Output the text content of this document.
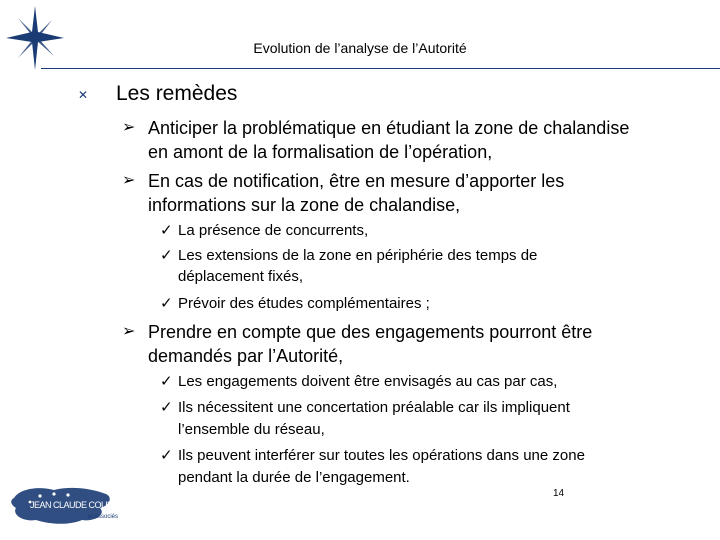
Evolution de l’analyse de l’Autorité
✕ Les remèdes
➢ Anticiper la problématique en étudiant la zone de chalandise
en amont de la formalisation de l’opération,
➢ En cas de notification, être en mesure d’apporter les
informations sur la zone de chalandise,
✓ La présence de concurrents,
✓ Les extensions de la zone en périphérie des temps de
déplacement fixés,
✓ Prévoir des études complémentaires ;
➢ Prendre en compte que des engagements pourront être
demandés par l’Autorité,
✓ Les engagements doivent être envisagés au cas par cas,
✓ Ils nécessitent une concertation préalable car ils impliquent
l’ensemble du réseau,
✓ Ils peuvent interférer sur toutes les opérations dans une zone
pendant la durée de l’engagement.
14
JEAN CLAUDE COULON
et associés
